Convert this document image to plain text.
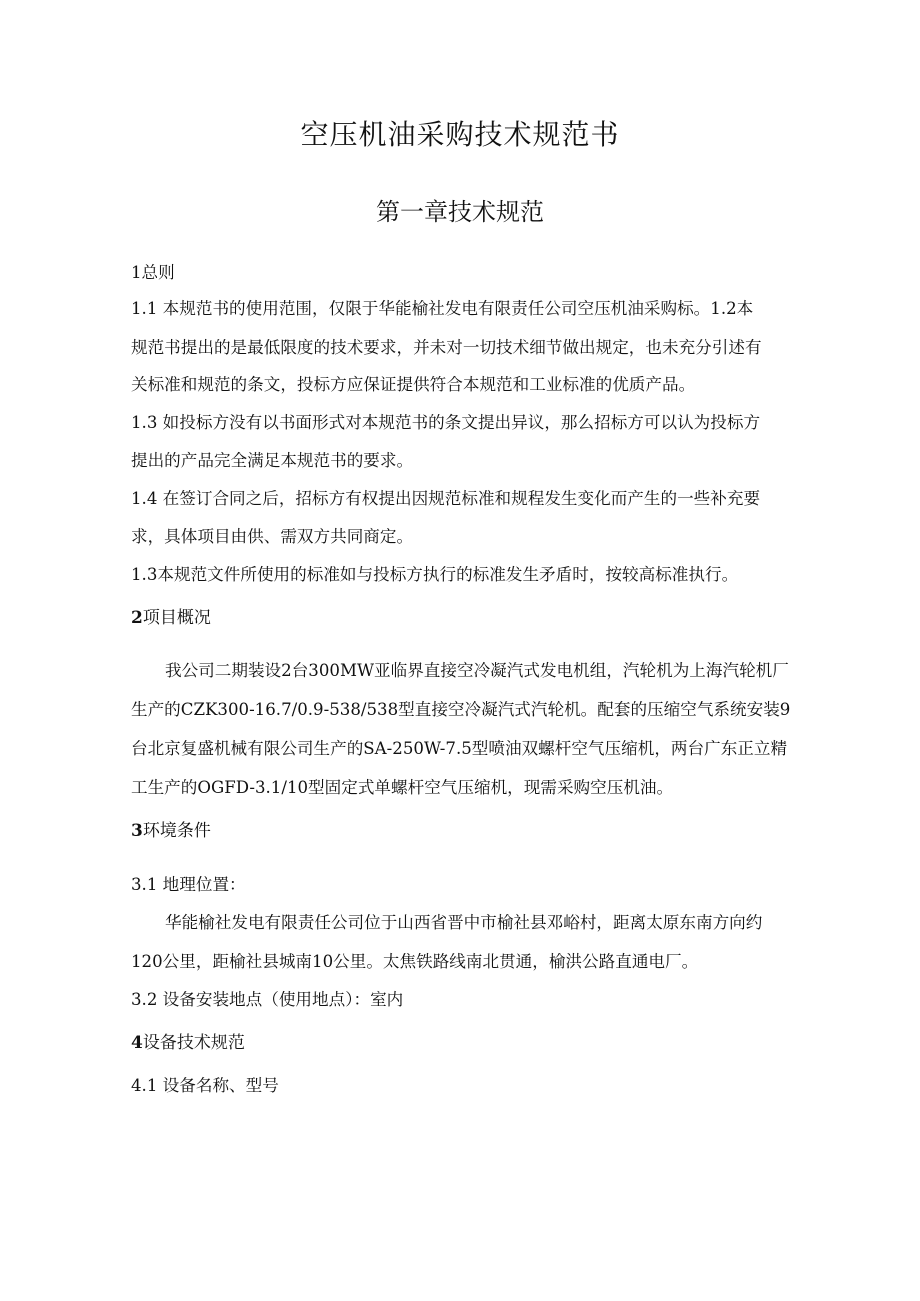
空压机油采购技术规范书
第一章技术规范
1总则
1.1 本规范书的使用范围，仅限于华能榆社发电有限责任公司空压机油采购标。1.2本
规范书提出的是最低限度的技术要求，并未对一切技术细节做出规定，也未充分引述有
关标准和规范的条文，投标方应保证提供符合本规范和工业标准的优质产品。
1.3 如投标方没有以书面形式对本规范书的条文提出异议，那么招标方可以认为投标方
提出的产品完全满足本规范书的要求。
1.4 在签订合同之后，招标方有权提出因规范标准和规程发生变化而产生的一些补充要
求，具体项目由供、需双方共同商定。
1.3本规范文件所使用的标准如与投标方执行的标准发生矛盾时，按较高标准执行。
2项目概况
我公司二期装设2台300MW亚临界直接空冷凝汽式发电机组，汽轮机为上海汽轮机厂
生产的CZK300-16.7/0.9-538/538型直接空冷凝汽式汽轮机。配套的压缩空气系统安装9
台北京复盛机械有限公司生产的SA-250W-7.5型喷油双螺杆空气压缩机，两台广东正立精
工生产的OGFD-3.1/10型固定式单螺杆空气压缩机，现需采购空压机油。
3环境条件
3.1 地理位置：
华能榆社发电有限责任公司位于山西省晋中市榆社县邓峪村，距离太原东南方向约
120公里，距榆社县城南10公里。太焦铁路线南北贯通，榆洪公路直通电厂。
3.2 设备安装地点（使用地点）：室内
4设备技术规范
4.1 设备名称、型号
